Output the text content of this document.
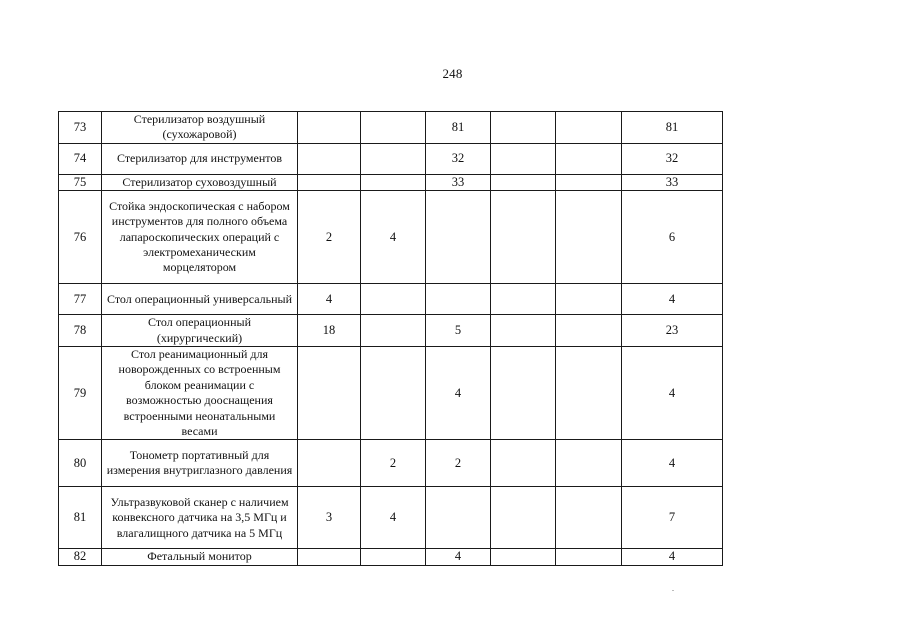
248
73	Стерилизатор воздушный (сухожаровой)			81			81
74	Стерилизатор для инструментов			32			32
75	Стерилизатор суховоздушный			33			33
76	Стойка эндоскопическая с набором инструментов для полного объема лапароскопических операций с электромеханическим морцелятором	2	4				6
77	Стол операционный универсальный	4					4
78	Стол операционный (хирургический)	18		5			23
79	Стол реанимационный для новорожденных со встроенным блоком реанимации с возможностью дооснащения встроенными неонатальными весами			4			4
80	Тонометр портативный для измерения внутриглазного давления		2	2			4
81	Ультразвуковой сканер с наличием конвексного датчика на 3,5 МГц и влагалищного датчика на 5 МГц	3	4				7
82	Фетальный монитор			4			4
